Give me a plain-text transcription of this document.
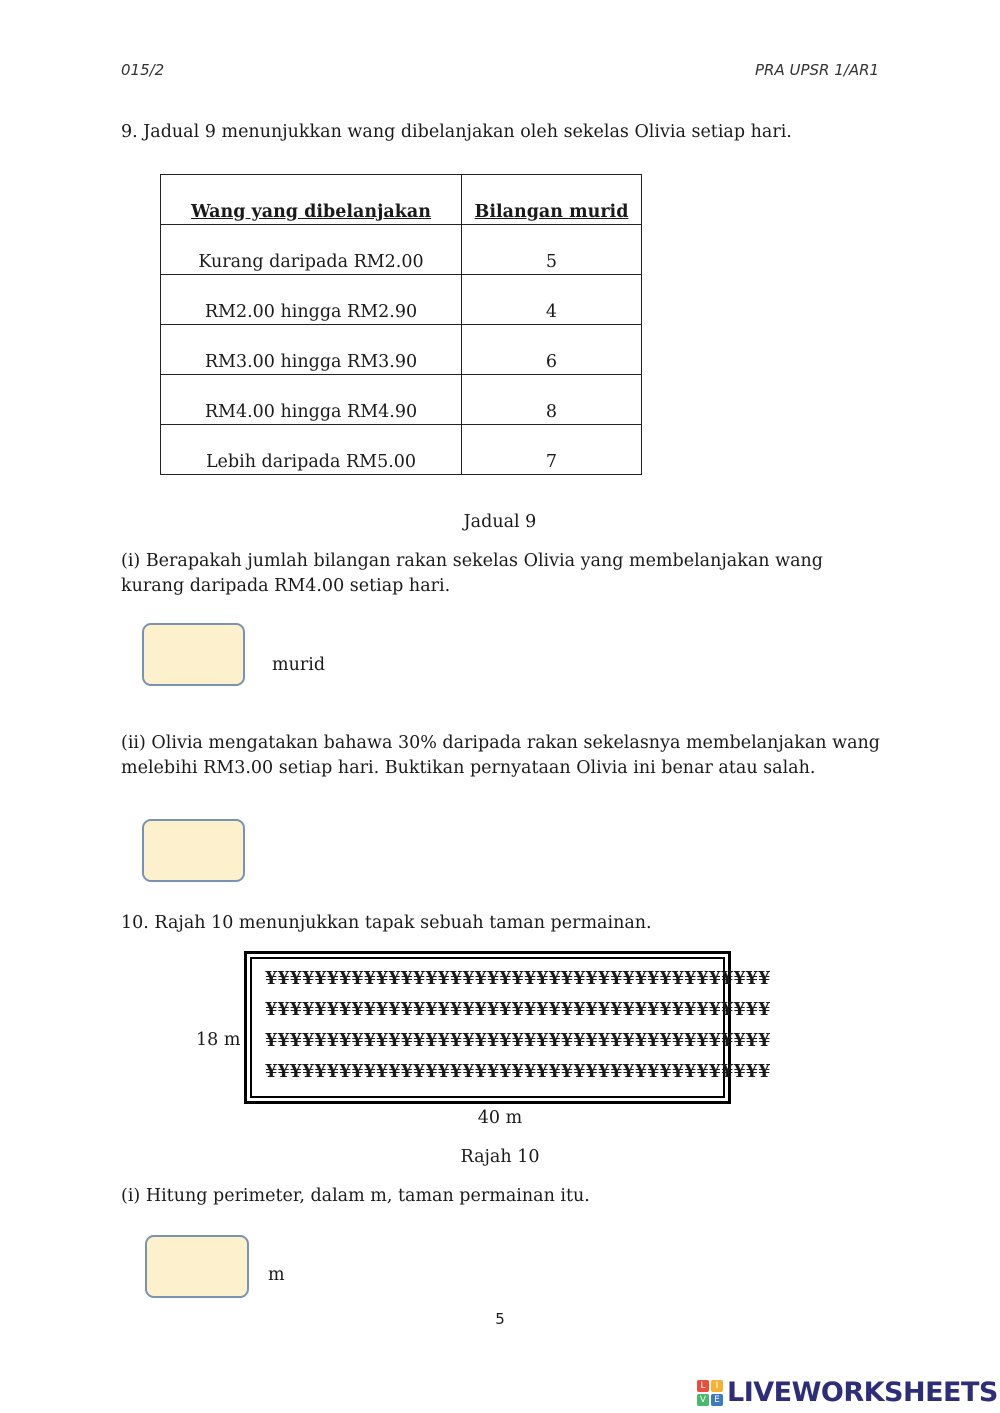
015/2	PRA UPSR 1/AR1
9. Jadual 9 menunjukkan wang dibelanjakan oleh sekelas Olivia setiap hari.
Wang yang dibelanjakan	Bilangan murid
Kurang daripada RM2.00	5
RM2.00 hingga RM2.90	4
RM3.00 hingga RM3.90	6
RM4.00 hingga RM4.90	8
Lebih daripada RM5.00	7
Jadual 9
(i) Berapakah jumlah bilangan rakan sekelas Olivia yang membelanjakan wang kurang daripada RM4.00 setiap hari.
murid
(ii) Olivia mengatakan bahawa 30% daripada rakan sekelasnya membelanjakan wang melebihi RM3.00 setiap hari. Buktikan pernyataan Olivia ini benar atau salah.
10. Rajah 10 menunjukkan tapak sebuah taman permainan.
¥¥¥¥¥¥¥¥¥¥¥¥¥¥¥¥¥¥¥¥¥¥¥¥¥¥¥¥¥¥¥¥¥¥¥¥¥¥¥¥¥
¥¥¥¥¥¥¥¥¥¥¥¥¥¥¥¥¥¥¥¥¥¥¥¥¥¥¥¥¥¥¥¥¥¥¥¥¥¥¥¥¥
¥¥¥¥¥¥¥¥¥¥¥¥¥¥¥¥¥¥¥¥¥¥¥¥¥¥¥¥¥¥¥¥¥¥¥¥¥¥¥¥¥
¥¥¥¥¥¥¥¥¥¥¥¥¥¥¥¥¥¥¥¥¥¥¥¥¥¥¥¥¥¥¥¥¥¥¥¥¥¥¥¥¥
18 m
40 m
Rajah 10
(i) Hitung perimeter, dalam m, taman permainan itu.
m
5
L	I
V E LIVEWORKSHEETS
